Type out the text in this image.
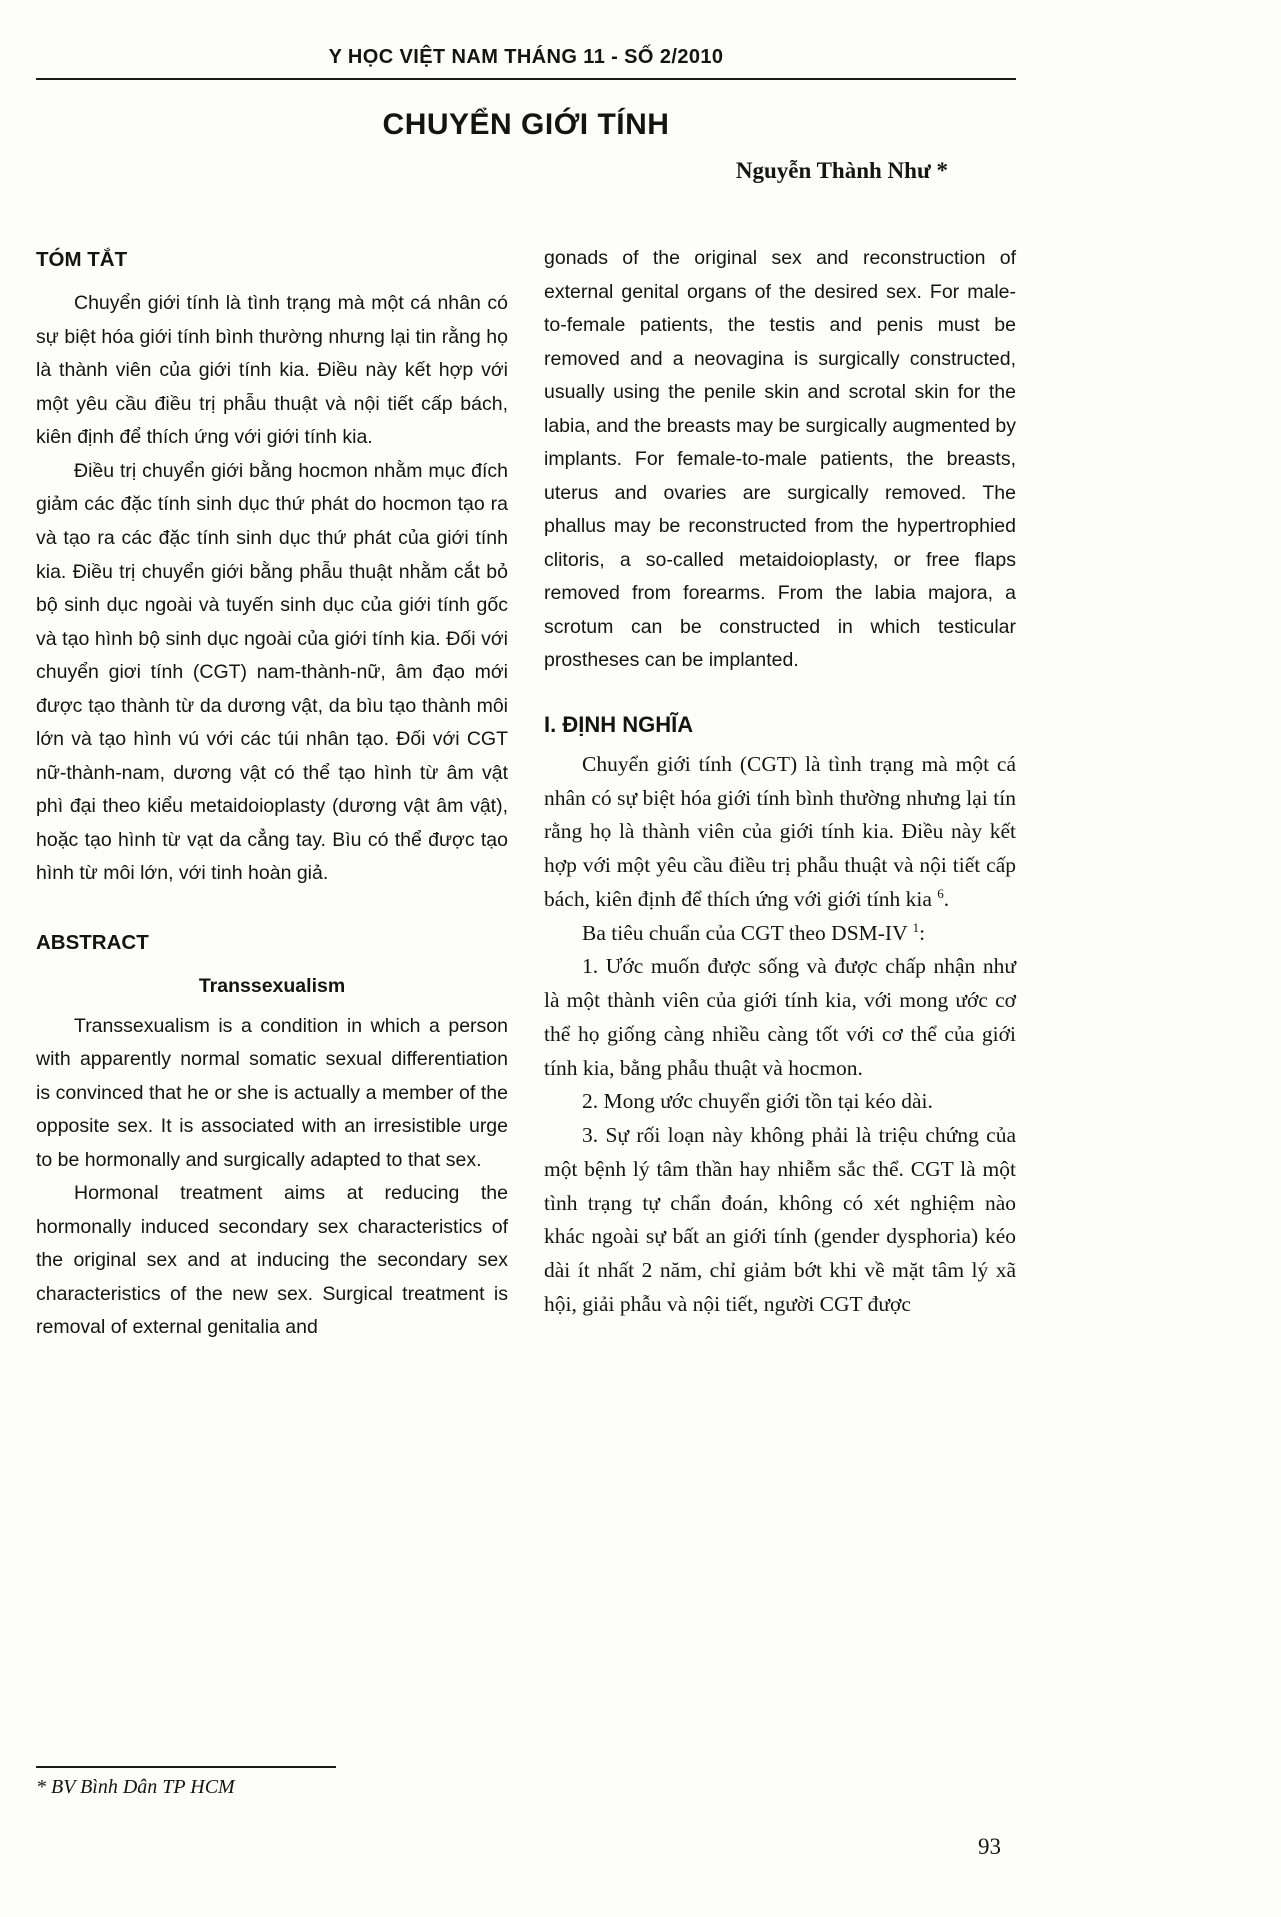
Y HỌC VIỆT NAM THÁNG 11 - SỐ 2/2010
CHUYỂN GIỚI TÍNH
Nguyễn Thành Như *
TÓM TẮT

Chuyển giới tính là tình trạng mà một cá nhân có sự biệt hóa giới tính bình thường nhưng lại tin rằng họ là thành viên của giới tính kia. Điều này kết hợp với một yêu cầu điều trị phẫu thuật và nội tiết cấp bách, kiên định để thích ứng với giới tính kia.

Điều trị chuyển giới bằng hocmon nhằm mục đích giảm các đặc tính sinh dục thứ phát do hocmon tạo ra và tạo ra các đặc tính sinh dục thứ phát của giới tính kia. Điều trị chuyển giới bằng phẫu thuật nhằm cắt bỏ bộ sinh dục ngoài và tuyến sinh dục của giới tính gốc và tạo hình bộ sinh dục ngoài của giới tính kia. Đối với chuyển giơi tính (CGT) nam-thành-nữ, âm đạo mới được tạo thành từ da dương vật, da bìu tạo thành môi lớn và tạo hình vú với các túi nhân tạo. Đối với CGT nữ-thành-nam, dương vật có thể tạo hình từ âm vật phì đại theo kiểu metaidoioplasty (dương vật âm vật), hoặc tạo hình từ vạt da cẳng tay. Bìu có thể được tạo hình từ môi lớn, với tinh hoàn giả.

ABSTRACT
Transsexualism

Transsexualism is a condition in which a person with apparently normal somatic sexual differentiation is convinced that he or she is actually a member of the opposite sex. It is associated with an irresistible urge to be hormonally and surgically adapted to that sex.

Hormonal treatment aims at reducing the hormonally induced secondary sex characteristics of the original sex and at inducing the secondary sex characteristics of the new sex. Surgical treatment is removal of external genitalia and

gonads of the original sex and reconstruction of external genital organs of the desired sex. For male-to-female patients, the testis and penis must be removed and a neovagina is surgically constructed, usually using the penile skin and scrotal skin for the labia, and the breasts may be surgically augmented by implants. For female-to-male patients, the breasts, uterus and ovaries are surgically removed. The phallus may be reconstructed from the hypertrophied clitoris, a so-called metaidoioplasty, or free flaps removed from forearms. From the labia majora, a scrotum can be constructed in which testicular prostheses can be implanted.

I. ĐỊNH NGHĨA

Chuyển giới tính (CGT) là tình trạng mà một cá nhân có sự biệt hóa giới tính bình thường nhưng lại tín rằng họ là thành viên của giới tính kia. Điều này kết hợp với một yêu cầu điều trị phẫu thuật và nội tiết cấp bách, kiên định để thích ứng với giới tính kia $^6$.

Ba tiêu chuẩn của CGT theo DSM-IV $^1$:

1. Ước muốn được sống và được chấp nhận như là một thành viên của giới tính kia, với mong ước cơ thể họ giống càng nhiều càng tốt với cơ thể của giới tính kia, bằng phẫu thuật và hocmon.

2. Mong ước chuyển giới tồn tại kéo dài.

3. Sự rối loạn này không phải là triệu chứng của một bệnh lý tâm thần hay nhiễm sắc thể. CGT là một tình trạng tự chẩn đoán, không có xét nghiệm nào khác ngoài sự bất an giới tính (gender dysphoria) kéo dài ít nhất 2 năm, chỉ giảm bớt khi về mặt tâm lý xã hội, giải phẫu và nội tiết, người CGT được

* BV Bình Dân TP HCM
93
